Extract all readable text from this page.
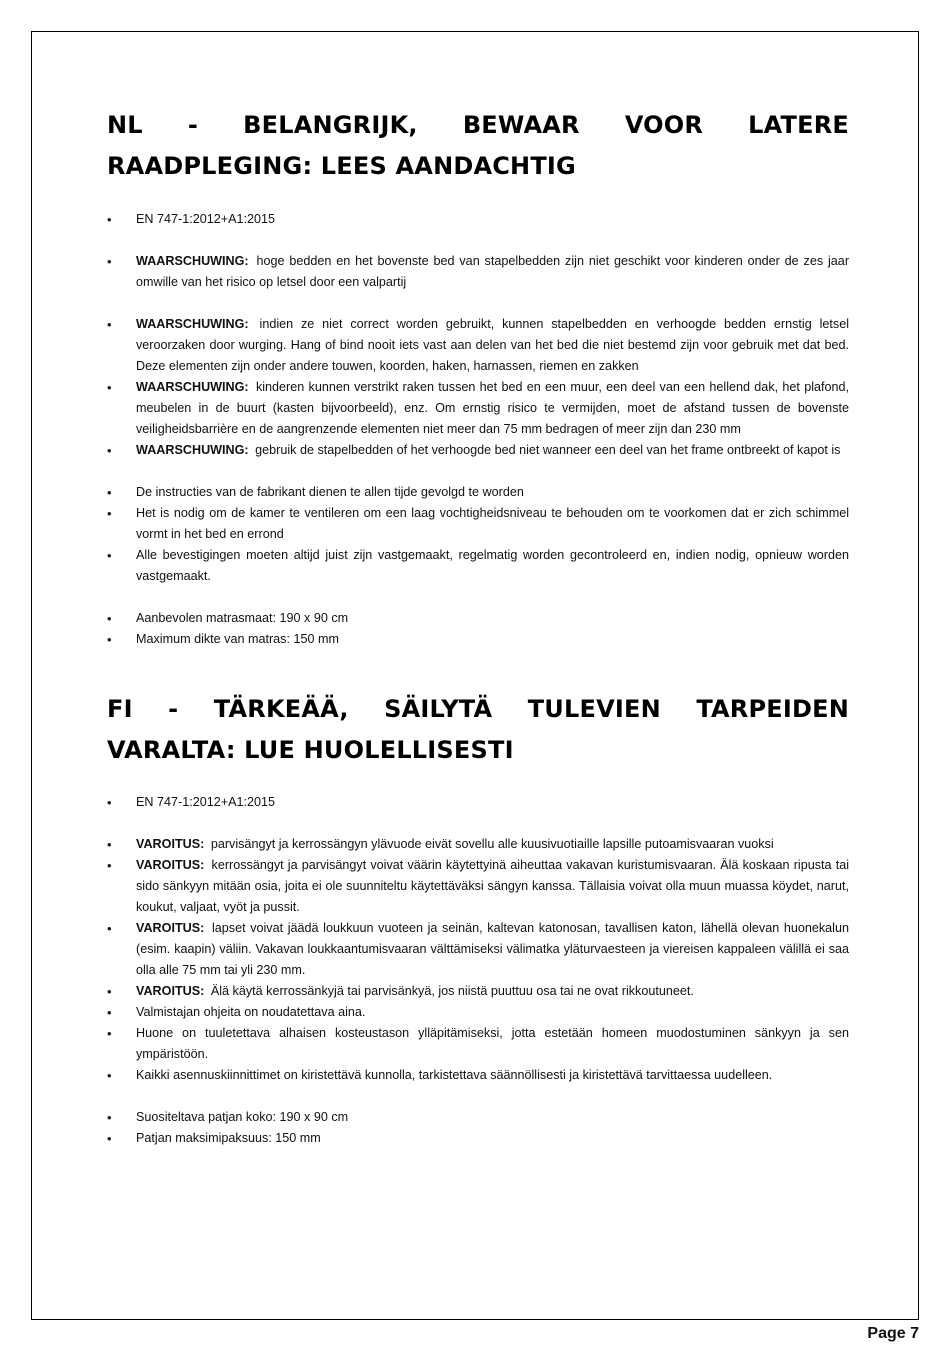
NL - BELANGRIJK, BEWAAR VOOR LATERE RAADPLEGING: LEES AANDACHTIG
• EN 747-1:2012+A1:2015
• WAARSCHUWING: hoge bedden en het bovenste bed van stapelbedden zijn niet geschikt voor kinderen onder de zes jaar omwille van het risico op letsel door een valpartij
• WAARSCHUWING: indien ze niet correct worden gebruikt, kunnen stapelbedden en verhoogde bedden ernstig letsel veroorzaken door wurging. Hang of bind nooit iets vast aan delen van het bed die niet bestemd zijn voor gebruik met dat bed. Deze elementen zijn onder andere touwen, koorden, haken, harnassen, riemen en zakken
• WAARSCHUWING: kinderen kunnen verstrikt raken tussen het bed en een muur, een deel van een hellend dak, het plafond, meubelen in de buurt (kasten bijvoorbeeld), enz. Om ernstig risico te vermijden, moet de afstand tussen de bovenste veiligheidsbarrière en de aangrenzende elementen niet meer dan 75 mm bedragen of meer zijn dan 230 mm
• WAARSCHUWING: gebruik de stapelbedden of het verhoogde bed niet wanneer een deel van het frame ontbreekt of kapot is
• De instructies van de fabrikant dienen te allen tijde gevolgd te worden
• Het is nodig om de kamer te ventileren om een laag vochtigheidsniveau te behouden om te voorkomen dat er zich schimmel vormt in het bed en errond
• Alle bevestigingen moeten altijd juist zijn vastgemaakt, regelmatig worden gecontroleerd en, indien nodig, opnieuw worden vastgemaakt.
• Aanbevolen matrasmaat: 190 x 90 cm
• Maximum dikte van matras: 150 mm
FI - TÄRKEÄÄ, SÄILYTÄ TULEVIEN TARPEIDEN VARALTA: LUE HUOLELLISESTI
• EN 747-1:2012+A1:2015
• VAROITUS: parvisängyt ja kerrossängyn ylävuode eivät sovellu alle kuusivuotiaille lapsille putoamisvaaran vuoksi
• VAROITUS: kerrossängyt ja parvisängyt voivat väärin käytettyinä aiheuttaa vakavan kuristumisvaaran. Älä koskaan ripusta tai sido sänkyyn mitään osia, joita ei ole suunniteltu käytettäväksi sängyn kanssa. Tällaisia voivat olla muun muassa köydet, narut, koukut, valjaat, vyöt ja pussit.
• VAROITUS: lapset voivat jäädä loukkuun vuoteen ja seinän, kaltevan katonosan, tavallisen katon, lähellä olevan huonekalun (esim. kaapin) väliin. Vakavan loukkaantumisvaaran välttämiseksi välimatka yläturvaesteen ja viereisen kappaleen välillä ei saa olla alle 75 mm tai yli 230 mm.
• VAROITUS: Älä käytä kerrossänkyjä tai parvisänkyä, jos niistä puuttuu osa tai ne ovat rikkoutuneet.
• Valmistajan ohjeita on noudatettava aina.
• Huone on tuuletettava alhaisen kosteustason ylläpitämiseksi, jotta estetään homeen muodostuminen sänkyyn ja sen ympäristöön.
• Kaikki asennuskiinnittimet on kiristettävä kunnolla, tarkistettava säännöllisesti ja kiristettävä tarvittaessa uudelleen.
• Suositeltava patjan koko: 190 x 90 cm
• Patjan maksimipaksuus: 150 mm
Page 7
